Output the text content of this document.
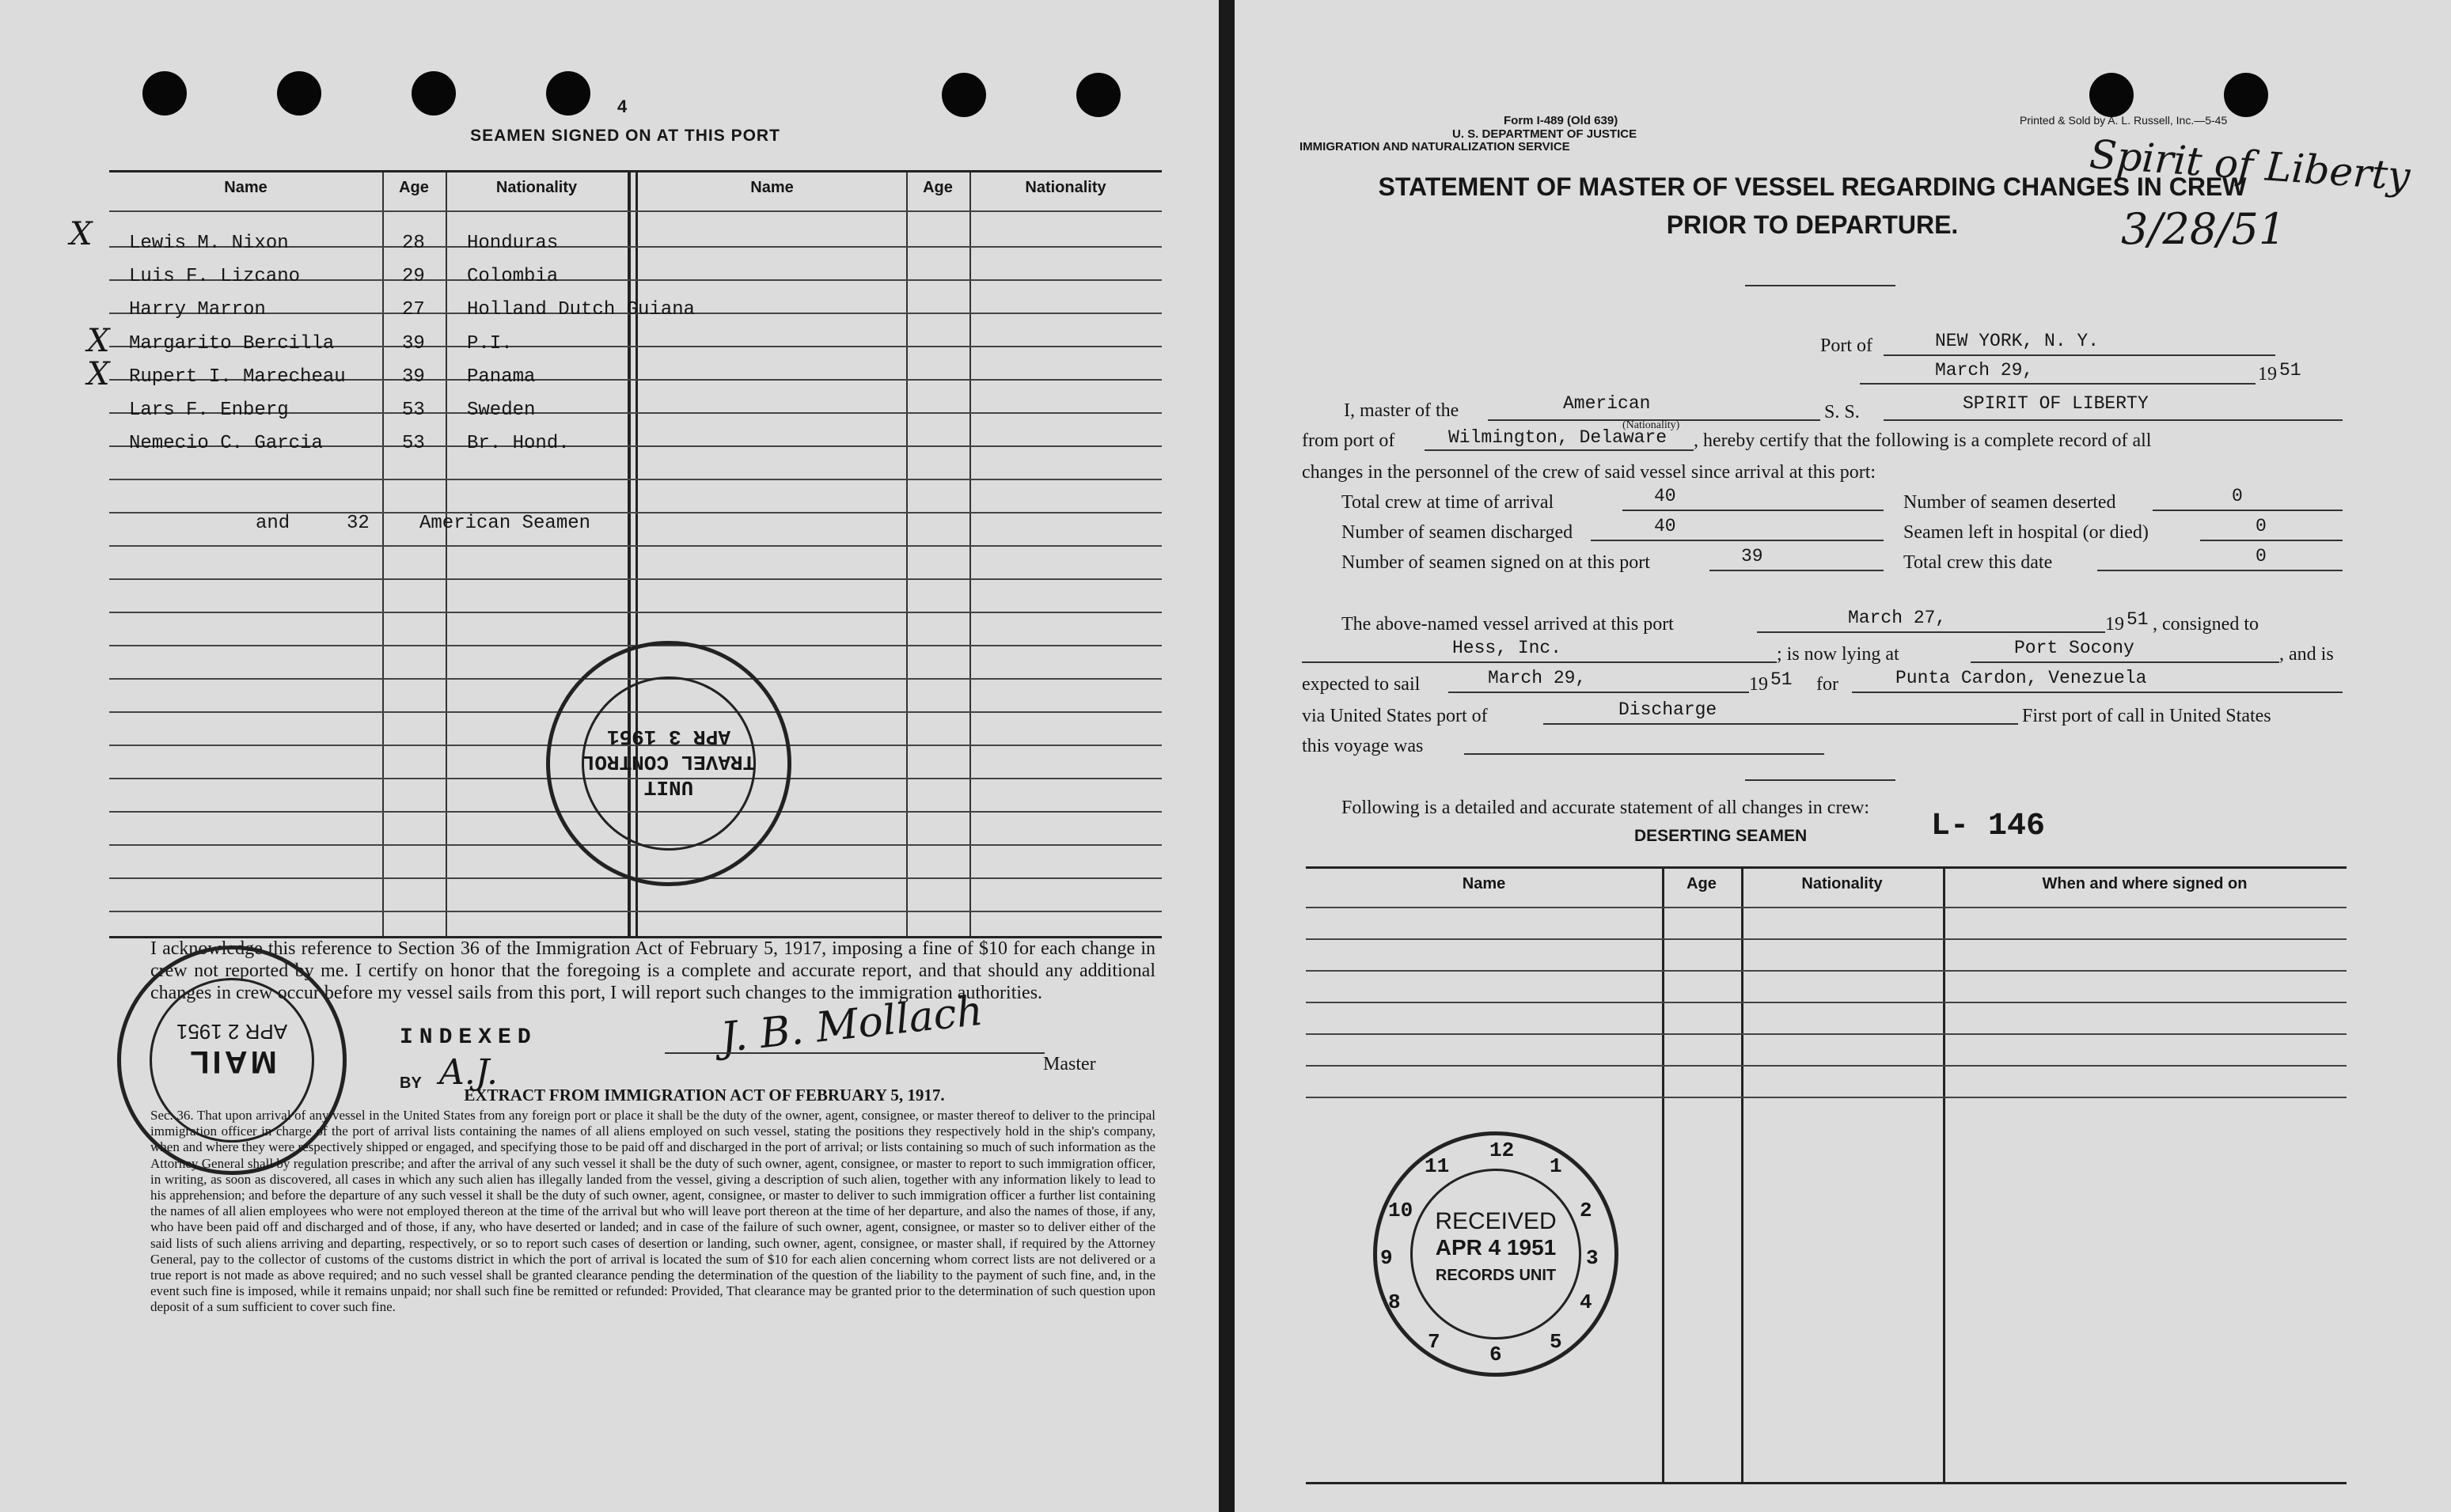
4
SEAMEN SIGNED ON AT THIS PORT
Name	Age	Nationality	Name	Age	Nationality
X Lewis M. Nixon	28 Honduras
Luis F. Lizcano	29 Colombia
Harry Marron	27 Holland Dutch Guiana
X Margarito Bercilla	39 P.I.
X Rupert I. Marecheau	39 Panama
Lars F. Enberg	53 Sweden
Nemecio C. Garcia	53 Br. Hond.
and	32	American Seamen
UNIT
TRAVEL CONTROL
APR 3 1951
I acknowledge this reference to Section 36 of the Immigration Act of February 5, 1917, imposing a fine of $10 for each change in crew not reported by me. I certify on honor that the foregoing is a complete and accurate report, and that should any additional changes in crew occur before my vessel sails from this port, I will report such changes to the immigration authorities.
MAIL
APR 2 1951	INDEXED
BY A.J.
J. B. Mollach
Master
EXTRACT FROM IMMIGRATION ACT OF FEBRUARY 5, 1917.
Sec. 36. That upon arrival of any vessel in the United States from any foreign port or place it shall be the duty of the owner, agent, consignee, or master thereof to deliver to the principal immigration officer in charge of the port of arrival lists containing the names of all aliens employed on such vessel, stating the positions they respectively hold in the ship's company, when and where they were respectively shipped or engaged, and specifying those to be paid off and discharged in the port of arrival; or lists containing so much of such information as the Attorney General shall by regulation prescribe; and after the arrival of any such vessel it shall be the duty of such owner, agent, consignee, or master to report to such immigration officer, in writing, as soon as discovered, all cases in which any such alien has illegally landed from the vessel, giving a description of such alien, together with any information likely to lead to his apprehension; and before the departure of any such vessel it shall be the duty of such owner, agent, consignee, or master to deliver to such immigration officer a further list containing the names of all alien employees who were not employed thereon at the time of the arrival but who will leave port thereon at the time of her departure, and also the names of those, if any, who have been paid off and discharged and of those, if any, who have deserted or landed; and in case of the failure of such owner, agent, consignee, or master so to deliver either of the said lists of such aliens arriving and departing, respectively, or so to report such cases of desertion or landing, such owner, agent, consignee, or master shall, if required by the Attorney General, pay to the collector of customs of the customs district in which the port of arrival is located the sum of $10 for each alien concerning whom correct lists are not delivered or a true report is not made as above required; and no such vessel shall be granted clearance pending the determination of the question of the liability to the payment of such fine, and, in the event such fine is imposed, while it remains unpaid; nor shall such fine be remitted or refunded: Provided, That clearance may be granted prior to the determination of such question upon deposit of a sum sufficient to cover such fine.
Form I-489 (Old 639)
U. S. DEPARTMENT OF JUSTICE
IMMIGRATION AND NATURALIZATION SERVICE
Printed & Sold by A. L. Russell, Inc.—5-45
Spirit of Liberty
3/28/51
STATEMENT OF MASTER OF VESSEL REGARDING CHANGES IN CREW
PRIOR TO DEPARTURE.
Port of	NEW YORK, N. Y.
March 29,	19 51
I, master of the	American	S. S.	SPIRIT OF LIBERTY
(Nationality)
from port of	Wilmington, Delaware , hereby certify that the following is a complete record of all
changes in the personnel of the crew of said vessel since arrival at this port:
Total crew at time of arrival	40
Number of seamen discharged	40
Number of seamen signed on at this port	39
Number of seamen deserted	0
Seamen left in hospital (or died)	0
Total crew this date	0
The above-named vessel arrived at this port	March 27,	19 51 , consigned to
Hess, Inc.	; is now lying at	Port Socony	, and is
expected to sail	March 29,	19 51 for	Punta Cardon, Venezuela
via United States port of	Discharge	First port of call in United States
this voyage was
Following is a detailed and accurate statement of all changes in crew:
L- 146
DESERTING SEAMEN
Name	Age	Nationality	When and where signed on
12
1
2
3
4
5
6
7
8
9
10
11
RECEIVED
APR 4 1951
RECORDS UNIT
